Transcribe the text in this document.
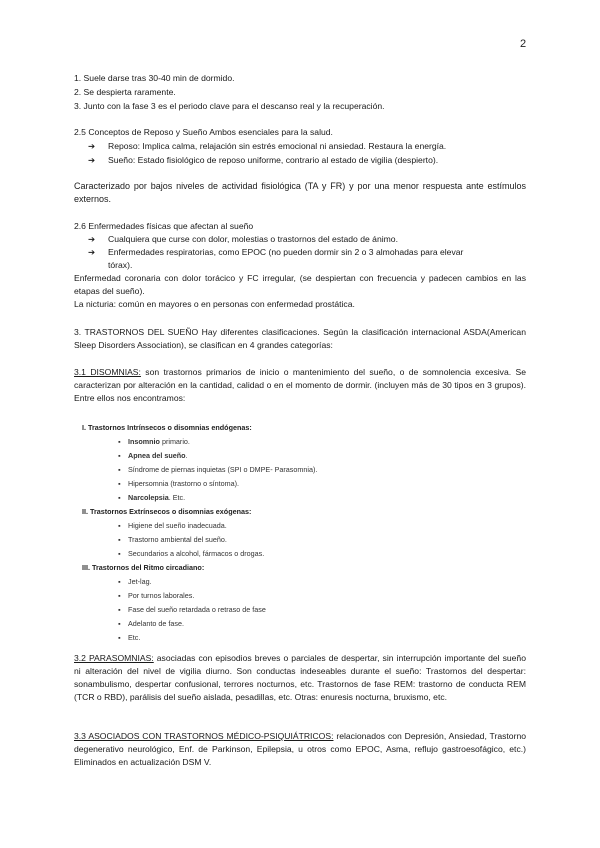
2
1. Suele darse tras 30-40 min de dormido.
2. Se despierta raramente.
3. Junto con la fase 3 es el periodo clave para el descanso real y la recuperación.
2.5 Conceptos de Reposo y Sueño Ambos esenciales para la salud.
➔ Reposo: Implica calma, relajación sin estrés emocional ni ansiedad. Restaura la energía.
➔ Sueño: Estado fisiológico de reposo uniforme, contrario al estado de vigilia (despierto).
Caracterizado por bajos niveles de actividad fisiológica (TA y FR) y por una menor respuesta ante estímulos externos.
2.6 Enfermedades físicas que afectan al sueño
➔ Cualquiera que curse con dolor, molestias o trastornos del estado de ánimo.
➔ Enfermedades respiratorias, como EPOC (no pueden dormir sin 2 o 3 almohadas para elevar
tórax).
Enfermedad coronaria con dolor torácico y FC irregular, (se despiertan con frecuencia y padecen cambios en las etapas del sueño).
La nicturia: común en mayores o en personas con enfermedad prostática.
3. TRASTORNOS DEL SUEÑO Hay diferentes clasificaciones. Según la clasificación internacional ASDA(American Sleep Disorders Association), se clasifican en 4 grandes categorías:
3.1 DISOMNIAS: son trastornos primarios de inicio o mantenimiento del sueño, o de somnolencia excesiva. Se caracterizan por alteración en la cantidad, calidad o en el momento de dormir. (incluyen más de 30 tipos en 3 grupos). Entre ellos nos encontramos:
I. Trastornos Intrínsecos o disomnias endógenas:
▪ Insomnio primario.
▪ Apnea del sueño.
▪ Síndrome de piernas inquietas (SPI o DMPE- Parasomnia).
▪ Hipersomnia (trastorno o síntoma).
▪ Narcolepsia. Etc.
II. Trastornos Extrínsecos o disomnias exógenas:
▪ Higiene del sueño inadecuada.
▪ Trastorno ambiental del sueño.
▪ Secundarios a alcohol, fármacos o drogas.
III. Trastornos del Ritmo circadiano:
▪ Jet-lag.
▪ Por turnos laborales.
▪ Fase del sueño retardada o retraso de fase
▪ Adelanto de fase.
▪ Etc.
3.2 PARASOMNIAS: asociadas con episodios breves o parciales de despertar, sin interrupción importante del sueño ni alteración del nivel de vigilia diurno. Son conductas indeseables durante el sueño: Trastornos del despertar: sonambulismo, despertar confusional, terrores nocturnos, etc. Trastornos de fase REM: trastorno de conducta REM (TCR o RBD), parálisis del sueño aislada, pesadillas, etc. Otras: enuresis nocturna, bruxismo, etc.
3.3 ASOCIADOS CON TRASTORNOS MÉDICO-PSIQUIÁTRICOS: relacionados con Depresión, Ansiedad, Trastorno degenerativo neurológico, Enf. de Parkinson, Epilepsia, u otros como EPOC, Asma, reflujo gastroesofágico, etc.) Eliminados en actualización DSM V.
